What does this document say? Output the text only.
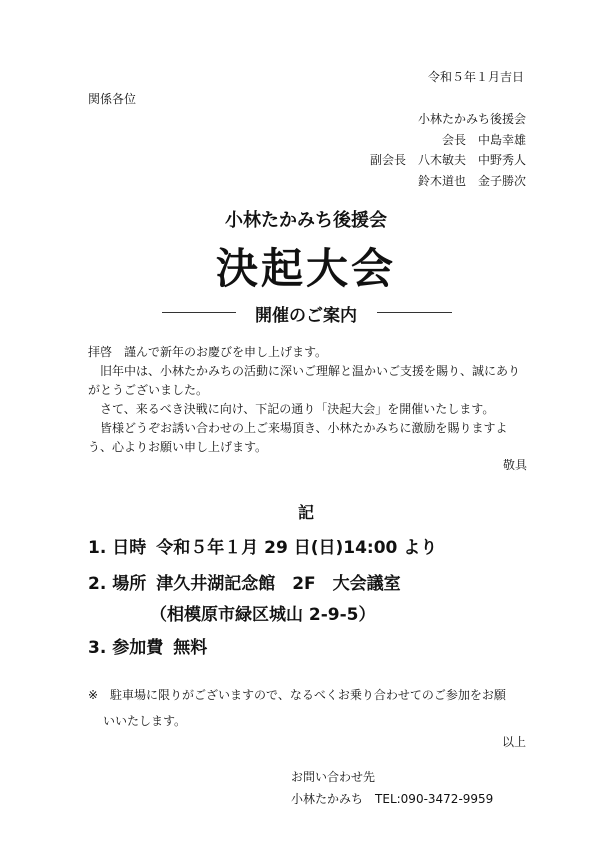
令和５年１月吉日
関係各位
小林たかみち後援会
会長　中島幸雄
副会長　八木敏夫　中野秀人
鈴木道也　金子勝次
小林たかみち後援会
決起大会
開催のご案内
拝啓　謹んで新年のお慶びを申し上げます。
　旧年中は、小林たかみちの活動に深いご理解と温かいご支援を賜り、誠にありがとうございました。
　さて、来るべき決戦に向け、下記の通り「決起大会」を開催いたします。
　皆様どうぞお誘い合わせの上ご来場頂き、小林たかみちに激励を賜りますよう、心よりお願い申し上げます。
敬具
記
1. 日時 令和５年１月 29 日(日)14:00 より
2. 場所 津久井湖記念館　2F　大会議室
（相模原市緑区城山 2-9-5）
3. 参加費 無料
※　駐車場に限りがございますので、なるべくお乗り合わせてのご参加をお願
いいたします。
以上
お問い合わせ先
小林たかみち　 TEL:090-3472-9959
